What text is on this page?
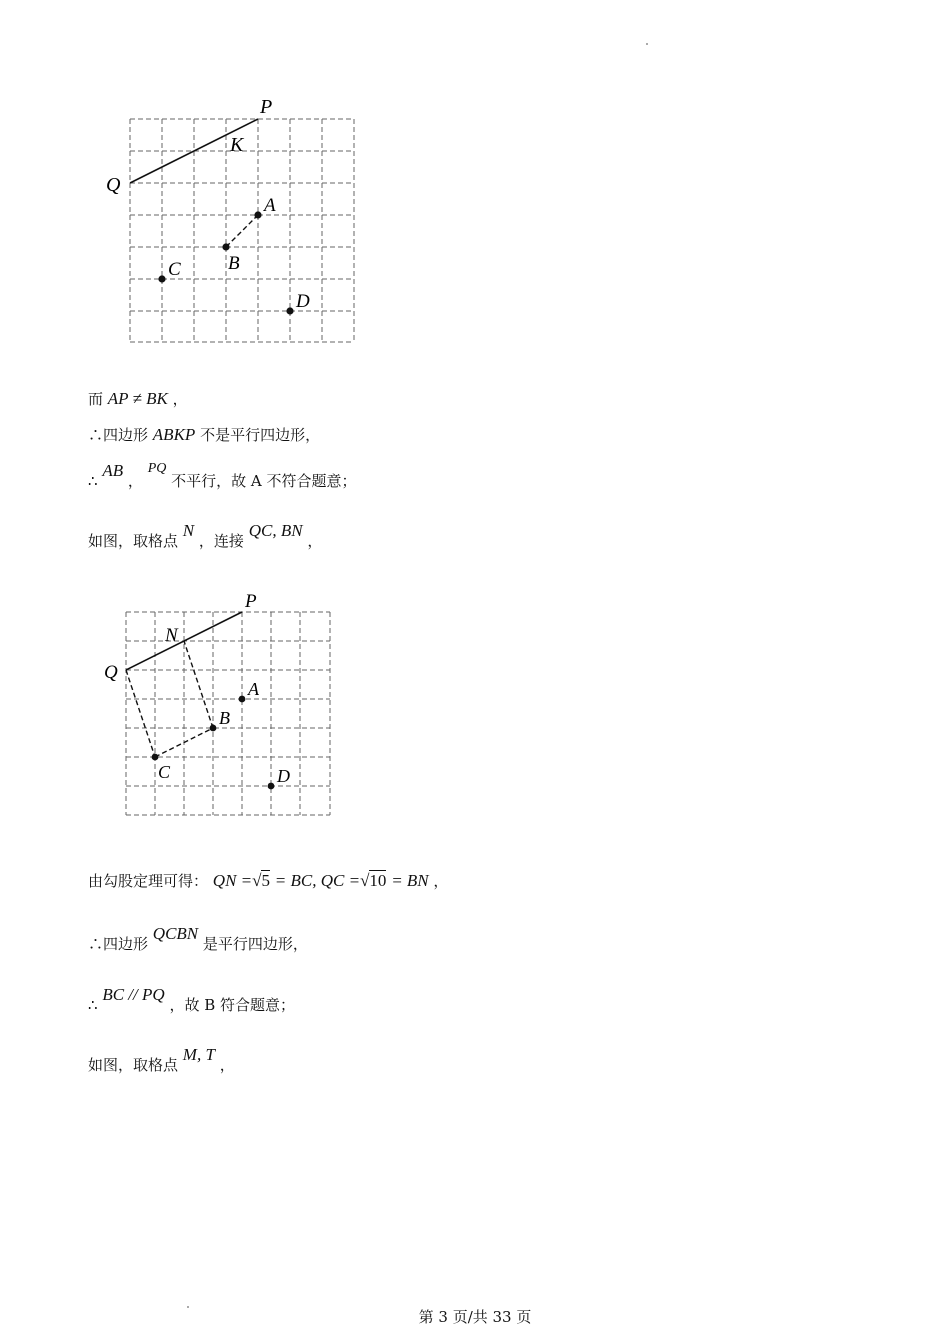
P
K
Q
A
B
C
D
而 AP ≠ BK ，
∴四边形 ABKP 不是平行四边形，
∴ AB ， PQ 不平行，故 A 不符合题意；
如图，取格点 N ，连接 QC, BN ，
P
N
Q
A
B
C	D
由勾股定理可得： QN =√5 = BC, QC =√10 = BN ，
∴四边形 QCBN 是平行四边形，
∴ BC // PQ ，故 B 符合题意；
如图，取格点 M, T ，
第 3 页/共 33 页
